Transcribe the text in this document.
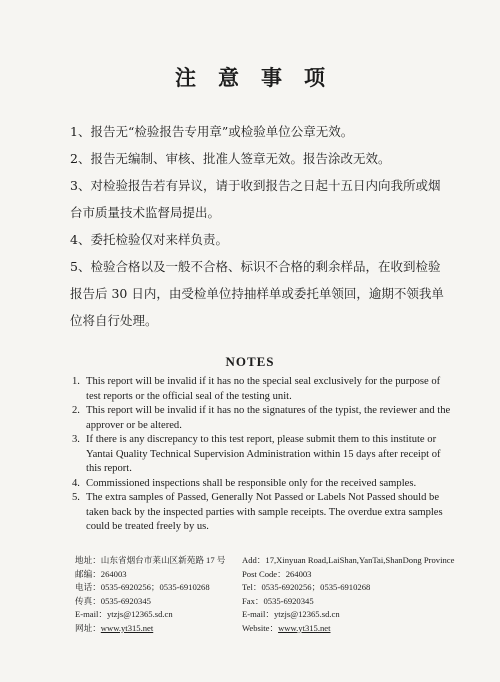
注意事项
1、报告无“检验报告专用章”或检验单位公章无效。
2、报告无编制、审核、批准人签章无效。报告涂改无效。
3、对检验报告若有异议，请于收到报告之日起十五日内向我所或烟台市质量技术监督局提出。
4、委托检验仅对来样负责。
5、检验合格以及一般不合格、标识不合格的剩余样品，在收到检验报告后 30 日内，由受检单位持抽样单或委托单领回，逾期不领我单位将自行处理。
NOTES
1. This report will be invalid if it has no the special seal exclusively for the purpose of test reports or the official seal of the testing unit.
2. This report will be invalid if it has no the signatures of the typist, the reviewer and the approver or be altered.
3. If there is any discrepancy to this test report, please submit them to this institute or Yantai Quality Technical Supervision Administration within 15 days after receipt of this report.
4. Commissioned inspections shall be responsible only for the received samples.
5. The extra samples of Passed, Generally Not Passed or Labels Not Passed should be taken back by the inspected parties with sample receipts. The overdue extra samples could be treated freely by us.
地址：山东省烟台市莱山区新苑路 17 号
邮编：264003
电话：0535-6920256；0535-6910268
传真：0535-6920345
E-mail：ytzjs@12365.sd.cn
网址：www.yt315.net
Add：17,Xinyuan Road,LaiShan,YanTai,ShanDong Province
Post Code：264003
Tel：0535-6920256；0535-6910268
Fax：0535-6920345
E-mail：ytzjs@12365.sd.cn
Website：www.yt315.net
